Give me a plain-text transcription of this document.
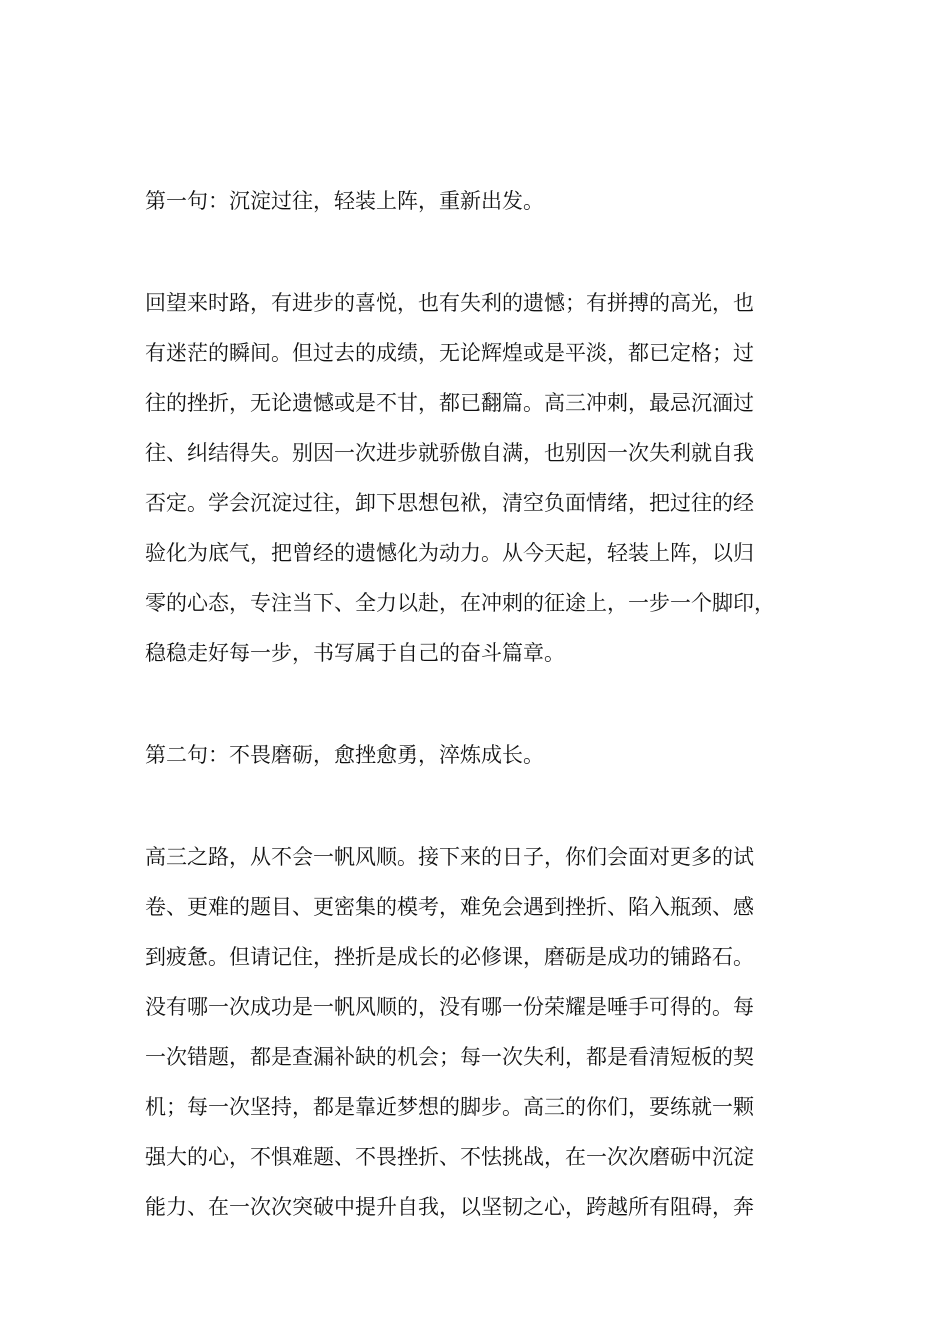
第一句：沉淀过往，轻装上阵，重新出发。

回望来时路，有进步的喜悦，也有失利的遗憾；有拼搏的高光，也
有迷茫的瞬间。但过去的成绩，无论辉煌或是平淡，都已定格；过
往的挫折，无论遗憾或是不甘，都已翻篇。高三冲刺，最忌沉湎过
往、纠结得失。别因一次进步就骄傲自满，也别因一次失利就自我
否定。学会沉淀过往，卸下思想包袱，清空负面情绪，把过往的经
验化为底气，把曾经的遗憾化为动力。从今天起，轻装上阵，以归
零的心态，专注当下、全力以赴，在冲刺的征途上，一步一个脚印，
稳稳走好每一步，书写属于自己的奋斗篇章。

第二句：不畏磨砺，愈挫愈勇，淬炼成长。

高三之路，从不会一帆风顺。接下来的日子，你们会面对更多的试
卷、更难的题目、更密集的模考，难免会遇到挫折、陷入瓶颈、感
到疲惫。但请记住，挫折是成长的必修课，磨砺是成功的铺路石。
没有哪一次成功是一帆风顺的，没有哪一份荣耀是唾手可得的。每
一次错题，都是查漏补缺的机会；每一次失利，都是看清短板的契
机；每一次坚持，都是靠近梦想的脚步。高三的你们，要练就一颗
强大的心，不惧难题、不畏挫折、不怯挑战，在一次次磨砺中沉淀
能力、在一次次突破中提升自我，以坚韧之心，跨越所有阻碍，奔
